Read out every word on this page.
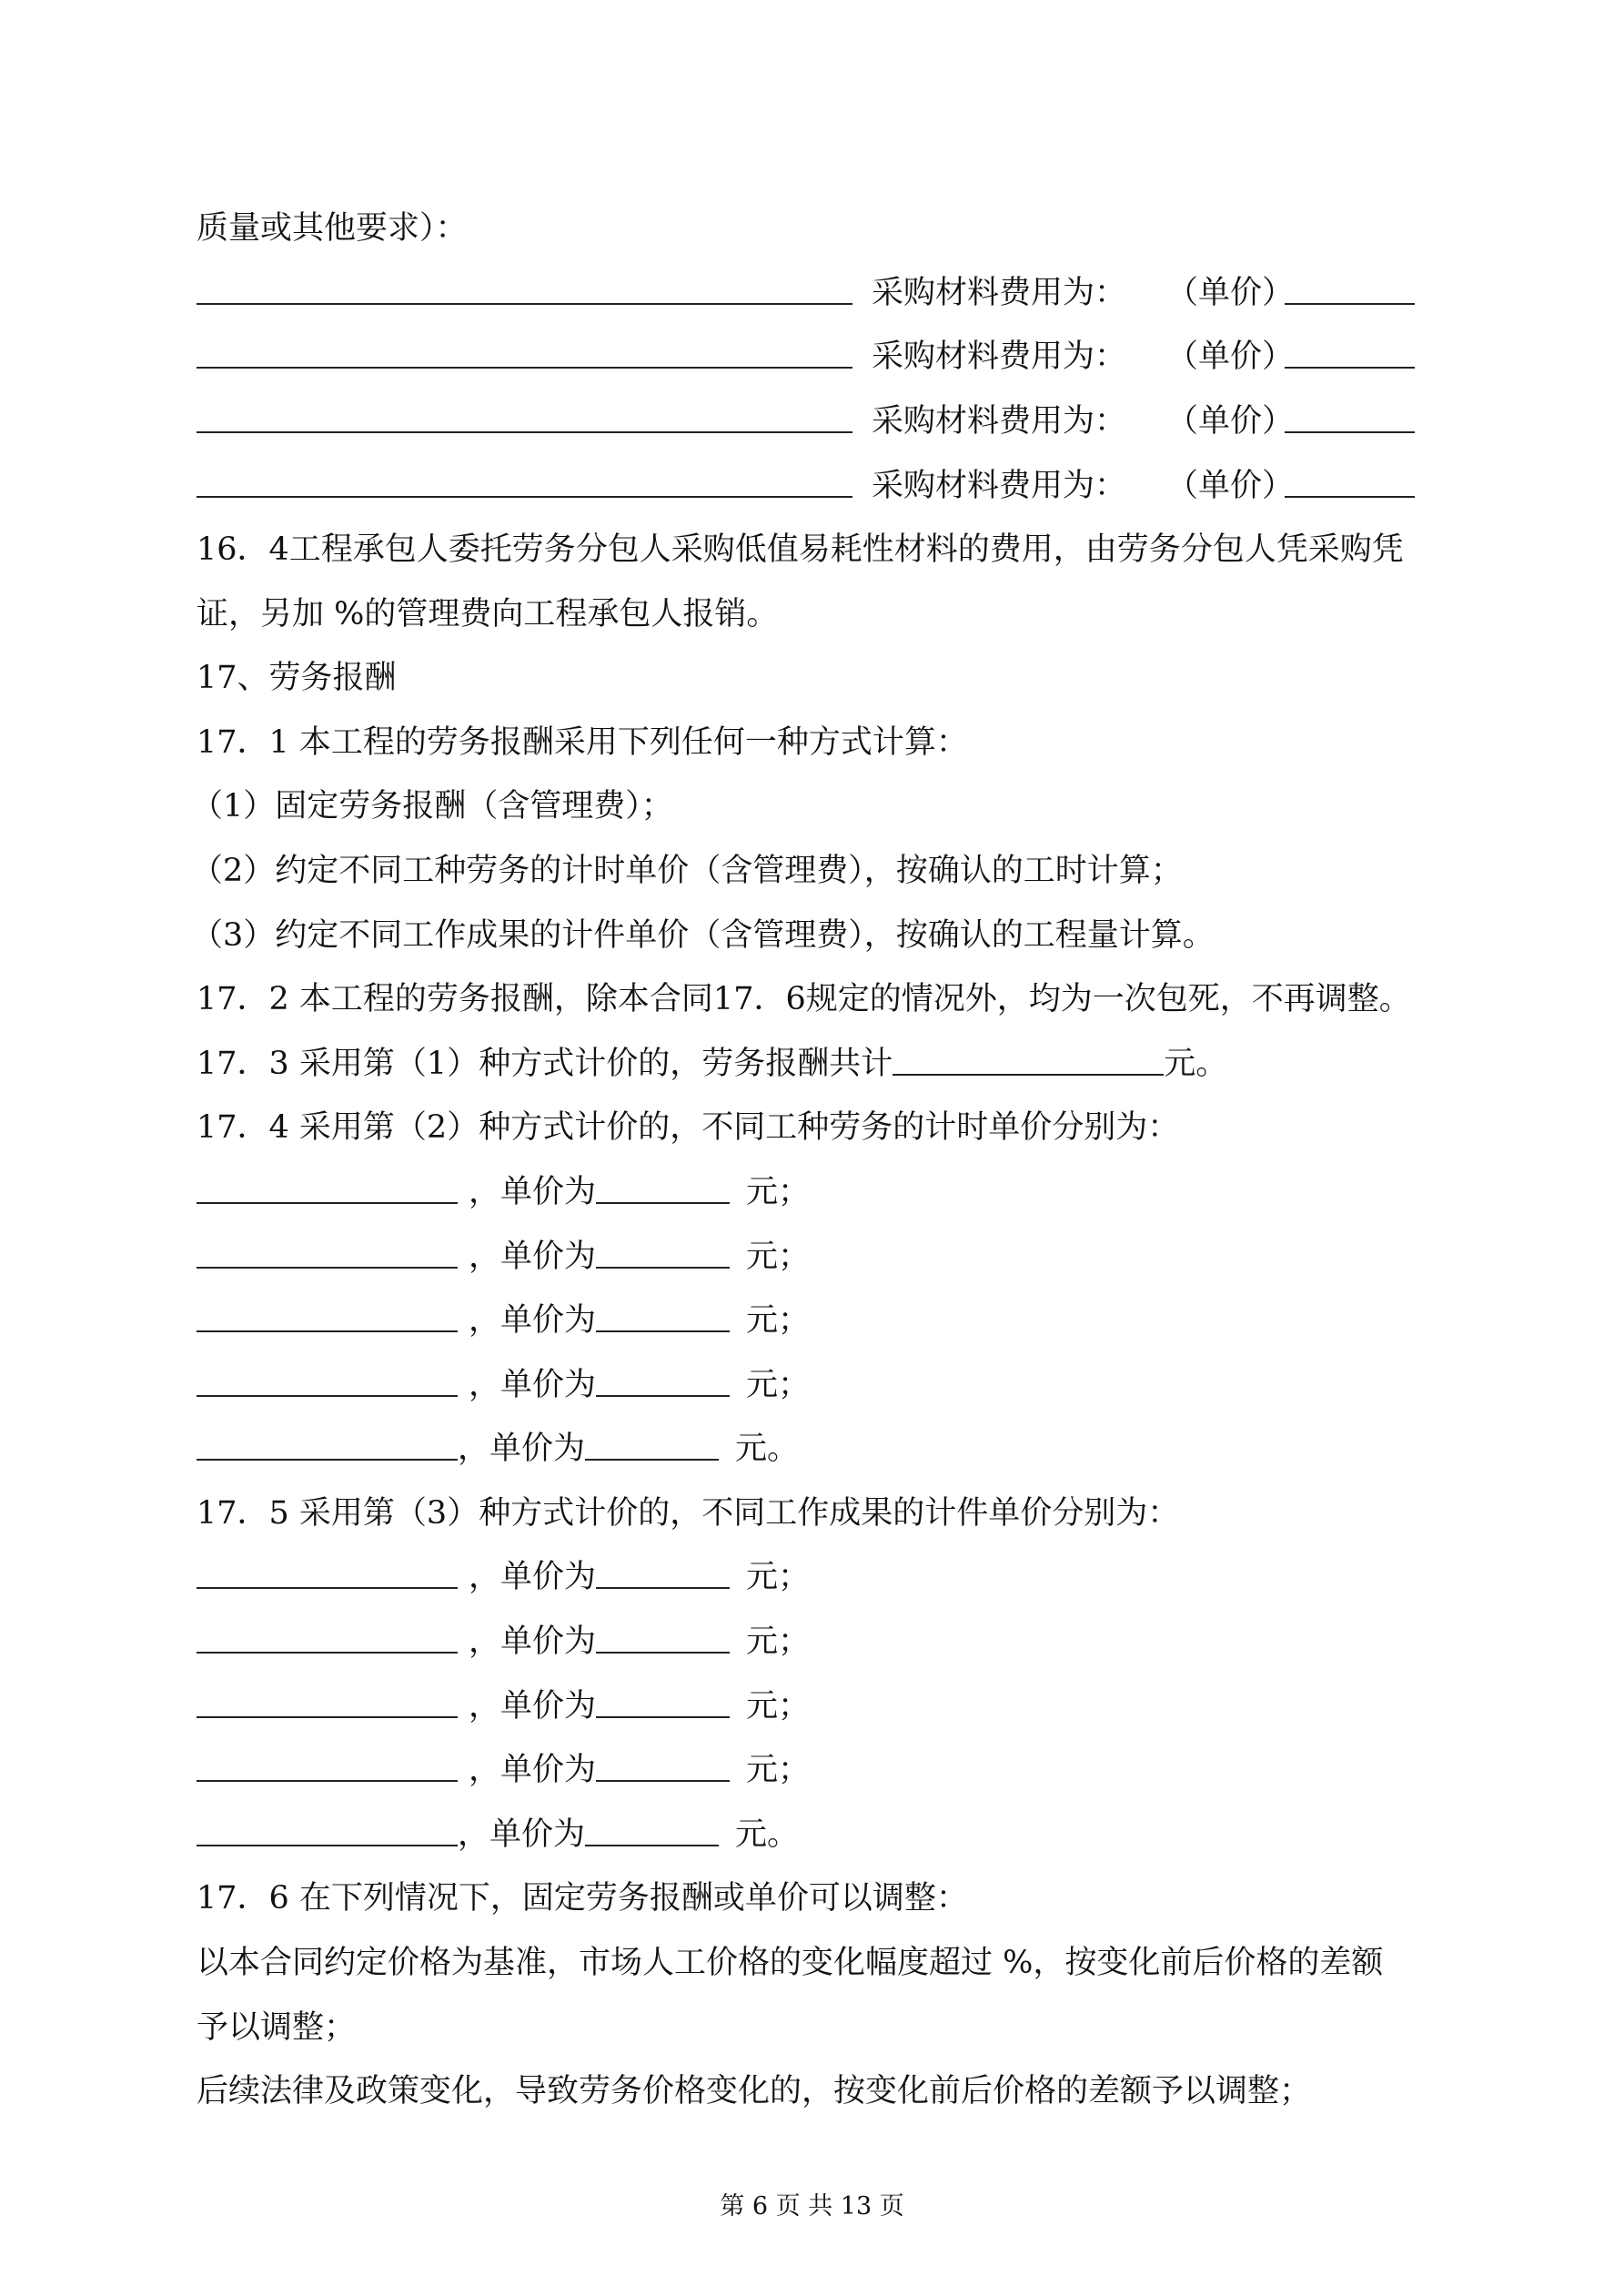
质量或其他要求）：
采购材料费用为： （单价）
采购材料费用为： （单价）
采购材料费用为： （单价）
采购材料费用为： （单价）
16．4工程承包人委托劳务分包人采购低值易耗性材料的费用，由劳务分包人凭采购凭
证，另加 %的管理费向工程承包人报销。
17、劳务报酬
17．1 本工程的劳务报酬采用下列任何一种方式计算：
（1）固定劳务报酬（含管理费）；
（2）约定不同工种劳务的计时单价（含管理费），按确认的工时计算；
（3）约定不同工作成果的计件单价（含管理费），按确认的工程量计算。
17．2 本工程的劳务报酬，除本合同17．6规定的情况外，均为一次包死，不再调整。
17．3 采用第（1）种方式计价的，劳务报酬共计	元。
17．4 采用第（2）种方式计价的，不同工种劳务的计时单价分别为：
，单价为	元；
，单价为	元；
，单价为	元；
，单价为	元；
，单价为	元。
17．5 采用第（3）种方式计价的，不同工作成果的计件单价分别为：
，单价为	元；
，单价为	元；
，单价为	元；
，单价为	元；
，单价为	元。
17．6 在下列情况下，固定劳务报酬或单价可以调整：
以本合同约定价格为基准，市场人工价格的变化幅度超过 %，按变化前后价格的差额
予以调整；
后续法律及政策变化，导致劳务价格变化的，按变化前后价格的差额予以调整；
第 6 页 共 13 页
